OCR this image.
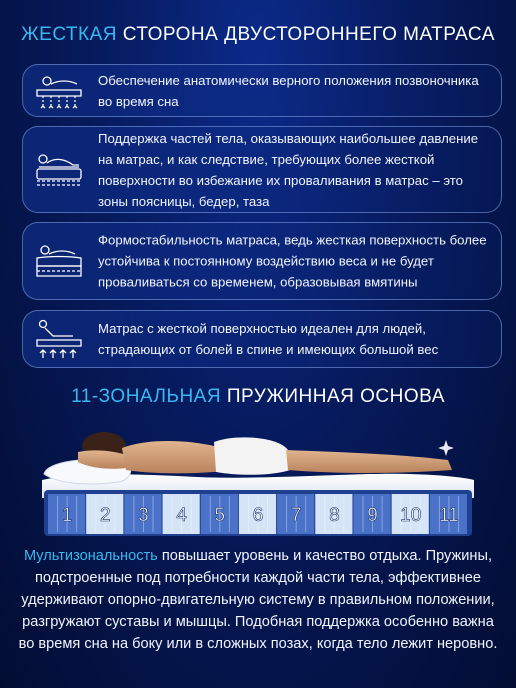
ЖЕСТКАЯ СТОРОНА ДВУСТОРОННЕГО МАТРАСА
Обеспечение анатомически верного положения позвоночника во время сна
Поддержка частей тела, оказывающих наибольшее давление на матрас, и как следствие, требующих более жесткой поверхности во избежание их проваливания в матрас – это зоны поясницы, бедер, таза
Формостабильность матраса, ведь жесткая поверхность более устойчива к постоянному воздействию веса и не будет проваливаться со временем, образовывая вмятины
Матрас с жесткой поверхностью идеален для людей, страдающих от болей в спине и имеющих большой вес
11-ЗОНАЛЬНАЯ ПРУЖИННАЯ ОСНОВА
1 2 3 4 5 6 7 8 9 10 11
Мультизональность повышает уровень и качество отдыха. Пружины, подстроенные под потребности каждой части тела, эффективнее удерживают опорно-двигательную систему в правильном положении, разгружают суставы и мышцы. Подобная поддержка особенно важна во время сна на боку или в сложных позах, когда тело лежит неровно.
